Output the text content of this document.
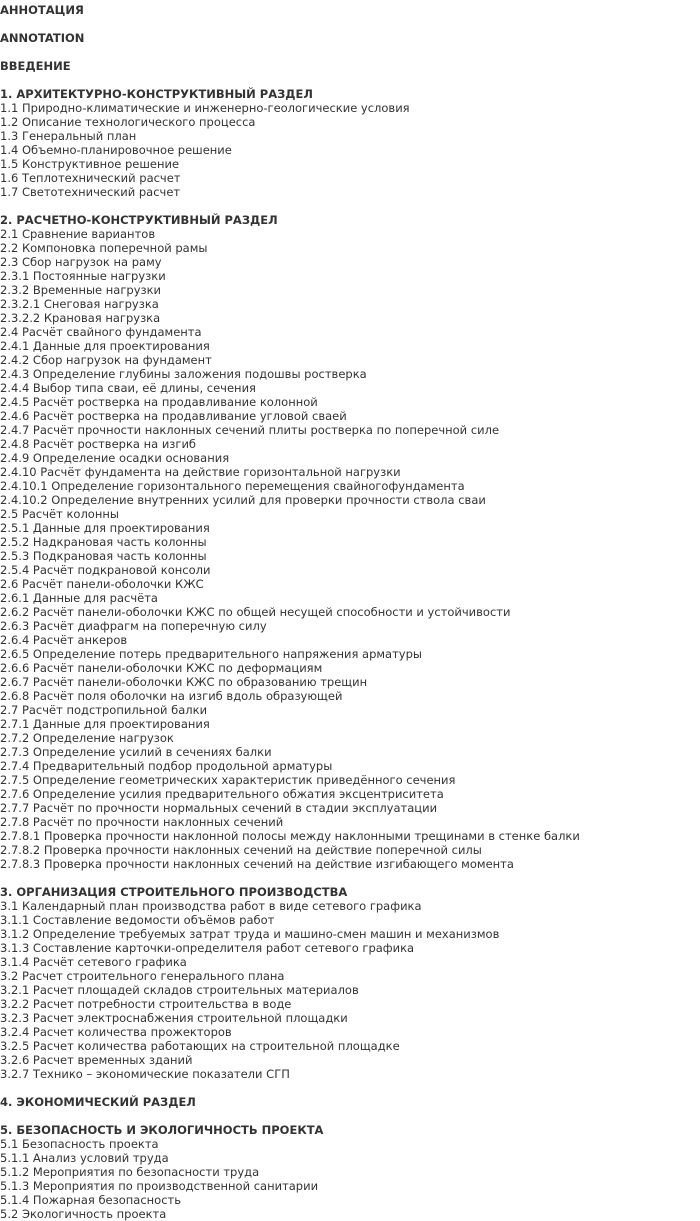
АННОТАЦИЯ
ANNOTATION
ВВЕДЕНИЕ
1. АРХИТЕКТУРНО-КОНСТРУКТИВНЫЙ РАЗДЕЛ
1.1 Природно-климатические и инженерно-геологические условия
1.2 Описание технологического процесса
1.3 Генеральный план
1.4 Объемно-планировочное решение
1.5 Конструктивное решение
1.6 Теплотехнический расчет
1.7 Светотехнический расчет
2. РАСЧЕТНО-КОНСТРУКТИВНЫЙ РАЗДЕЛ
2.1 Сравнение вариантов
2.2 Компоновка поперечной рамы
2.3 Сбор нагрузок на раму
2.3.1 Постоянные нагрузки
2.3.2 Временные нагрузки
2.3.2.1 Снеговая нагрузка
2.3.2.2 Крановая нагрузка
2.4 Расчёт свайного фундамента
2.4.1 Данные для проектирования
2.4.2 Сбор нагрузок на фундамент
2.4.3 Определение глубины заложения подошвы ростверка
2.4.4 Выбор типа сваи, её длины, сечения
2.4.5 Расчёт ростверка на продавливание колонной
2.4.6 Расчёт ростверка на продавливание угловой сваей
2.4.7 Расчёт прочности наклонных сечений плиты ростверка по поперечной силе
2.4.8 Расчёт ростверка на изгиб
2.4.9 Определение осадки основания
2.4.10 Расчёт фундамента на действие горизонтальной нагрузки
2.4.10.1 Определение горизонтального перемещения свайногофундамента
2.4.10.2 Определение внутренних усилий для проверки прочности ствола сваи
2.5 Расчёт колонны
2.5.1 Данные для проектирования
2.5.2 Надкрановая часть колонны
2.5.3 Подкрановая часть колонны
2.5.4 Расчёт подкрановой консоли
2.6 Расчёт панели-оболочки КЖС
2.6.1 Данные для расчёта
2.6.2 Расчёт панели-оболочки КЖС по общей несущей способности и устойчивости
2.6.3 Расчёт диафрагм на поперечную силу
2.6.4 Расчёт анкеров
2.6.5 Определение потерь предварительного напряжения арматуры
2.6.6 Расчёт панели-оболочки КЖС по деформациям
2.6.7 Расчёт панели-оболочки КЖС по образованию трещин
2.6.8 Расчёт поля оболочки на изгиб вдоль образующей
2.7 Расчёт подстропильной балки
2.7.1 Данные для проектирования
2.7.2 Определение нагрузок
2.7.3 Определение усилий в сечениях балки
2.7.4 Предварительный подбор продольной арматуры
2.7.5 Определение геометрических характеристик приведённого сечения
2.7.6 Определение усилия предварительного обжатия эксцентриситета
2.7.7 Расчёт по прочности нормальных сечений в стадии эксплуатации
2.7.8 Расчёт по прочности наклонных сечений
2.7.8.1 Проверка прочности наклонной полосы между наклонными трещинами в стенке балки
2.7.8.2 Проверка прочности наклонных сечений на действие поперечной силы
2.7.8.3 Проверка прочности наклонных сечений на действие изгибающего момента
3. ОРГАНИЗАЦИЯ СТРОИТЕЛЬНОГО ПРОИЗВОДСТВА
3.1 Календарный план производства работ в виде сетевого графика
3.1.1 Составление ведомости объёмов работ
3.1.2 Определение требуемых затрат труда и машино-смен машин и механизмов
3.1.3 Составление карточки-определителя работ сетевого графика
3.1.4 Расчёт сетевого графика
3.2 Расчет строительного генерального плана
3.2.1 Расчет площадей складов строительных материалов
3.2.2 Расчет потребности строительства в воде
3.2.3 Расчет электроснабжения строительной площадки
3.2.4 Расчет количества прожекторов
3.2.5 Расчет количества работающих на строительной площадке
3.2.6 Расчет временных зданий
3.2.7 Технико – экономические показатели СГП
4. ЭКОНОМИЧЕСКИЙ РАЗДЕЛ
5. БЕЗОПАСНОСТЬ И ЭКОЛОГИЧНОСТЬ ПРОЕКТА
5.1 Безопасность проекта
5.1.1 Анализ условий труда
5.1.2 Мероприятия по безопасности труда
5.1.3 Мероприятия по производственной санитарии
5.1.4 Пожарная безопасность
5.2 Экологичность проекта
